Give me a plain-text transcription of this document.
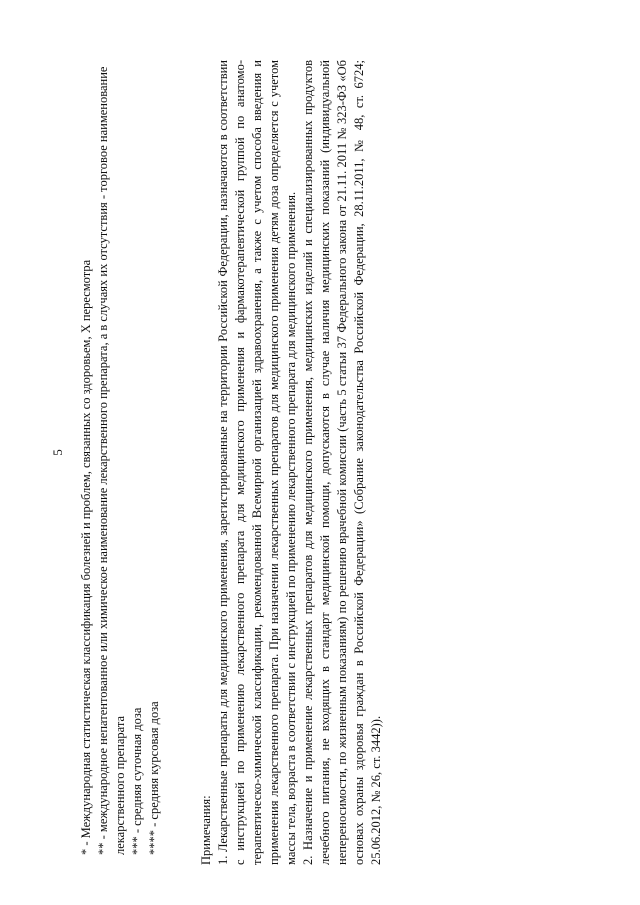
5 * - Международная статистическая классификация болезней и проблем, связанных со здоровьем, X пересмотра ** - международное непатентованное или химическое наименование лекарственного препарата, а в случаях их отсутствия - торговое наименование лекарственного препарата *** - средняя суточная доза **** - средняя курсовая доза	Примечания: 1. Лекарственные препараты для медицинского применения, зарегистрированные на территории Российской Федерации, назначаются в соответствии с инструкцией по применению лекарственного препарата для медицинского применения и фармакотерапевтической группой по анатомо-терапевтическо-химической классификации, рекомендованной Всемирной организацией здравоохранения, а также с учетом способа введения и применения лекарственного препарата. При назначении лекарственных препаратов для медицинского применения детям доза определяется с учетом массы тела, возраста в соответствии с инструкцией по применению лекарственного препарата для медицинского применения. 2. Назначение и применение лекарственных препаратов для медицинского применения, медицинских изделий и специализированных продуктов лечебного питания, не входящих в стандарт медицинской помощи, допускаются в случае наличия медицинских показаний (индивидуальной непереносимости, по жизненным показаниям) по решению врачебной комиссии (часть 5 статьи 37 Федерального закона от 21.11. 2011 № 323-ФЗ «Об основах охраны здоровья граждан в Российской Федерации» (Собрание законодательства Российской Федерации, 28.11.2011, № 48, ст. 6724; 25.06.2012, № 26, ст. 3442)).
